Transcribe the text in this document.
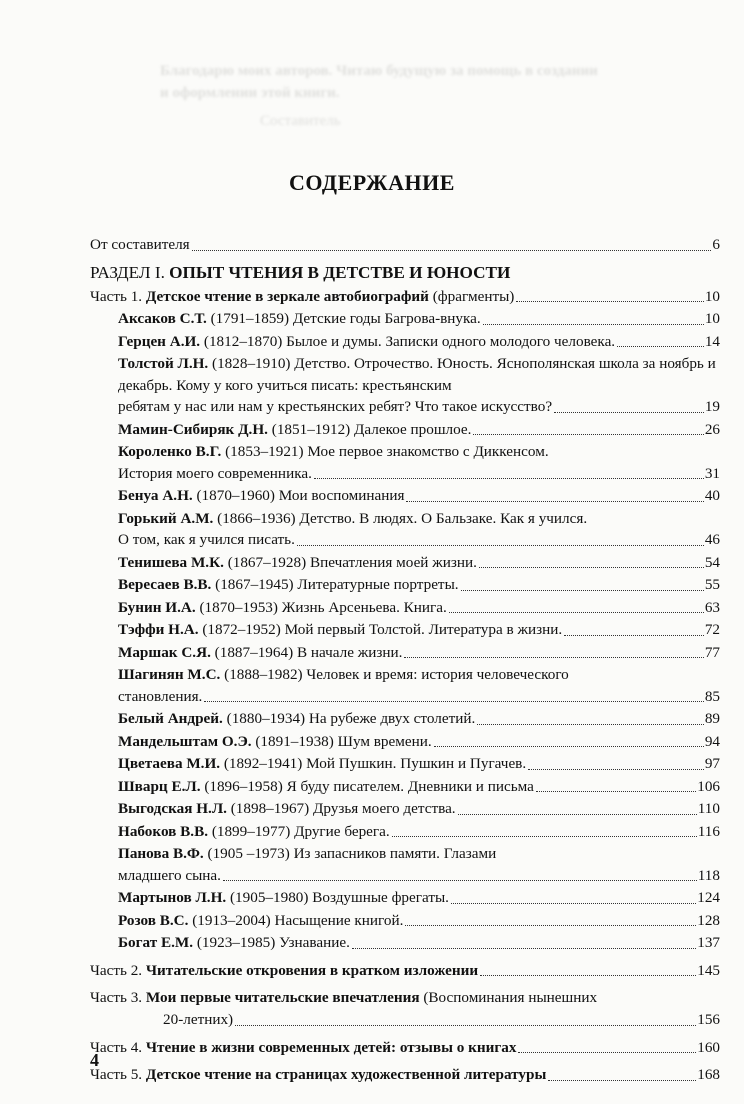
Благодарю моих авторов. Читаю будущую за помощь в создании
и оформлении этой книги.
Составитель
СОДЕРЖАНИЕ
От составителя	6
РАЗДЕЛ I. ОПЫТ ЧТЕНИЯ В ДЕТСТВЕ И ЮНОСТИ
Часть 1. Детское чтение в зеркале автобиографий (фрагменты)	10
Аксаков С.Т. (1791–1859) Детские годы Багрова-внука.	10
Герцен А.И. (1812–1870) Былое и думы. Записки одного молодого человека.	14
Толстой Л.Н. (1828–1910) Детство. Отрочество. Юность. Яснополянская школа за ноябрь и декабрь. Кому у кого учиться писать: крестьянским
ребятам у нас или нам у крестьянских ребят? Что такое искусство?	19
Мамин-Сибиряк Д.Н. (1851–1912) Далекое прошлое.	26
Короленко В.Г. (1853–1921) Мое первое знакомство с Диккенсом.
История моего современника.	31
Бенуа А.Н. (1870–1960) Мои воспоминания	40
Горький А.М. (1866–1936) Детство. В людях. О Бальзаке. Как я учился.
О том, как я учился писать.	46
Тенишева М.К. (1867–1928) Впечатления моей жизни.	54
Вересаев В.В. (1867–1945) Литературные портреты.	55
Бунин И.А. (1870–1953) Жизнь Арсеньева. Книга.	63
Тэффи Н.А. (1872–1952) Мой первый Толстой. Литература в жизни.	72
Маршак С.Я. (1887–1964) В начале жизни.	77
Шагинян М.С. (1888–1982) Человек и время: история человеческого
становления.	85
Белый Андрей. (1880–1934) На рубеже двух столетий.	89
Мандельштам О.Э. (1891–1938) Шум времени.	94
Цветаева М.И. (1892–1941) Мой Пушкин. Пушкин и Пугачев.	97
Шварц Е.Л. (1896–1958) Я буду писателем. Дневники и письма	106
Выгодская Н.Л. (1898–1967) Друзья моего детства.	110
Набоков В.В. (1899–1977) Другие берега.	116
Панова В.Ф. (1905 –1973) Из запасников памяти. Глазами
младшего сына.	118
Мартынов Л.Н. (1905–1980) Воздушные фрегаты.	124
Розов В.С. (1913–2004) Насыщение книгой.	128
Богат Е.М. (1923–1985) Узнавание.	137
Часть 2. Читательские откровения в кратком изложении	145
Часть 3. Мои первые читательские впечатления (Воспоминания нынешних
20-летних)	156
Часть 4. Чтение в жизни современных детей: отзывы о книгах	160
Часть 5. Детское чтение на страницах художественной литературы	168
4
